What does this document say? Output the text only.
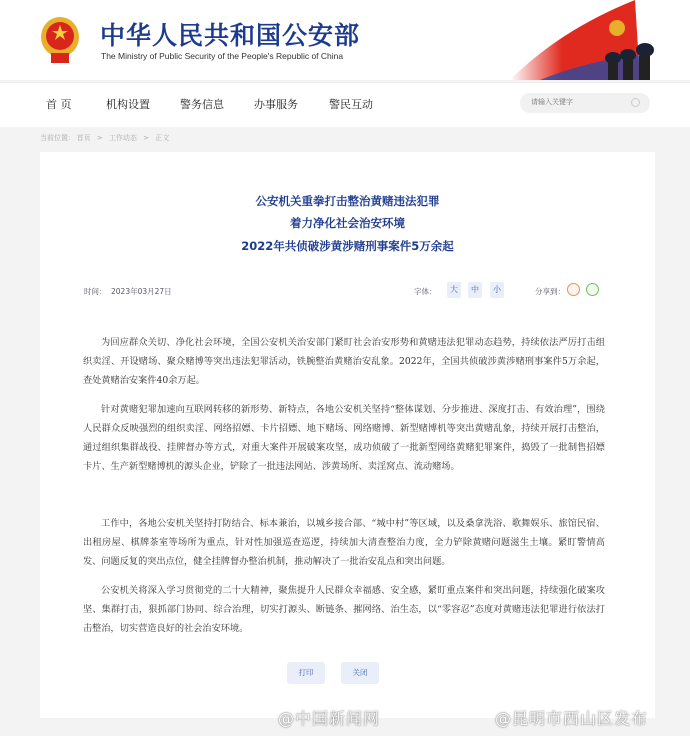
中华人民共和国公安部
The Ministry of Public Security of the People's Republic of China
首 页	机构设置	警务信息	办事服务	警民互动
请输入关键字
当前位置: 首页 > 工作动态 > 正文
公安机关重拳打击整治黄赌违法犯罪
着力净化社会治安环境
2022年共侦破涉黄涉赌刑事案件5万余起
时间： 2023年03月27日	字体：	大	中	小	分享到：

为回应群众关切、净化社会环境，全国公安机关治安部门紧盯社会治安形势和黄赌违法犯罪动态趋势，持续依法严厉打击组织卖淫、开设赌场、聚众赌博等突出违法犯罪活动，铁腕整治黄赌治安乱象。2022年，全国共侦破涉黄涉赌刑事案件5万余起，查处黄赌治安案件40余万起。

针对黄赌犯罪加速向互联网转移的新形势、新特点，各地公安机关坚持“整体谋划、分步推进、深度打击、有效治理”，围绕人民群众反映强烈的组织卖淫、网络招嫖、卡片招嫖、地下赌场、网络赌博、新型赌博机等突出黄赌乱象，持续开展打击整治，通过组织集群战役、挂牌督办等方式，对重大案件开展破案攻坚，成功侦破了一批新型网络黄赌犯罪案件，捣毁了一批制售招嫖卡片、生产新型赌博机的源头企业，铲除了一批违法网站、涉黄场所、卖淫窝点、流动赌场。

工作中，各地公安机关坚持打防结合、标本兼治，以城乡接合部、“城中村”等区域，以及桑拿洗浴、歌舞娱乐、旅馆民宿、出租房屋、棋牌茶室等场所为重点，针对性加强巡查巡逻，持续加大清查整治力度，全力铲除黄赌问题滋生土壤。紧盯警情高发、问题反复的突出点位，健全挂牌督办整治机制，推动解决了一批治安乱点和突出问题。

公安机关将深入学习贯彻党的二十大精神，聚焦提升人民群众幸福感、安全感，紧盯重点案件和突出问题，持续强化破案攻坚、集群打击，狠抓部门协同、综合治理，切实打源头、断链条、摧网络、治生态，以“零容忍”态度对黄赌违法犯罪进行依法打击整治，切实营造良好的社会治安环境。

打印	关闭
@中国新闻网	@昆明市西山区发布
